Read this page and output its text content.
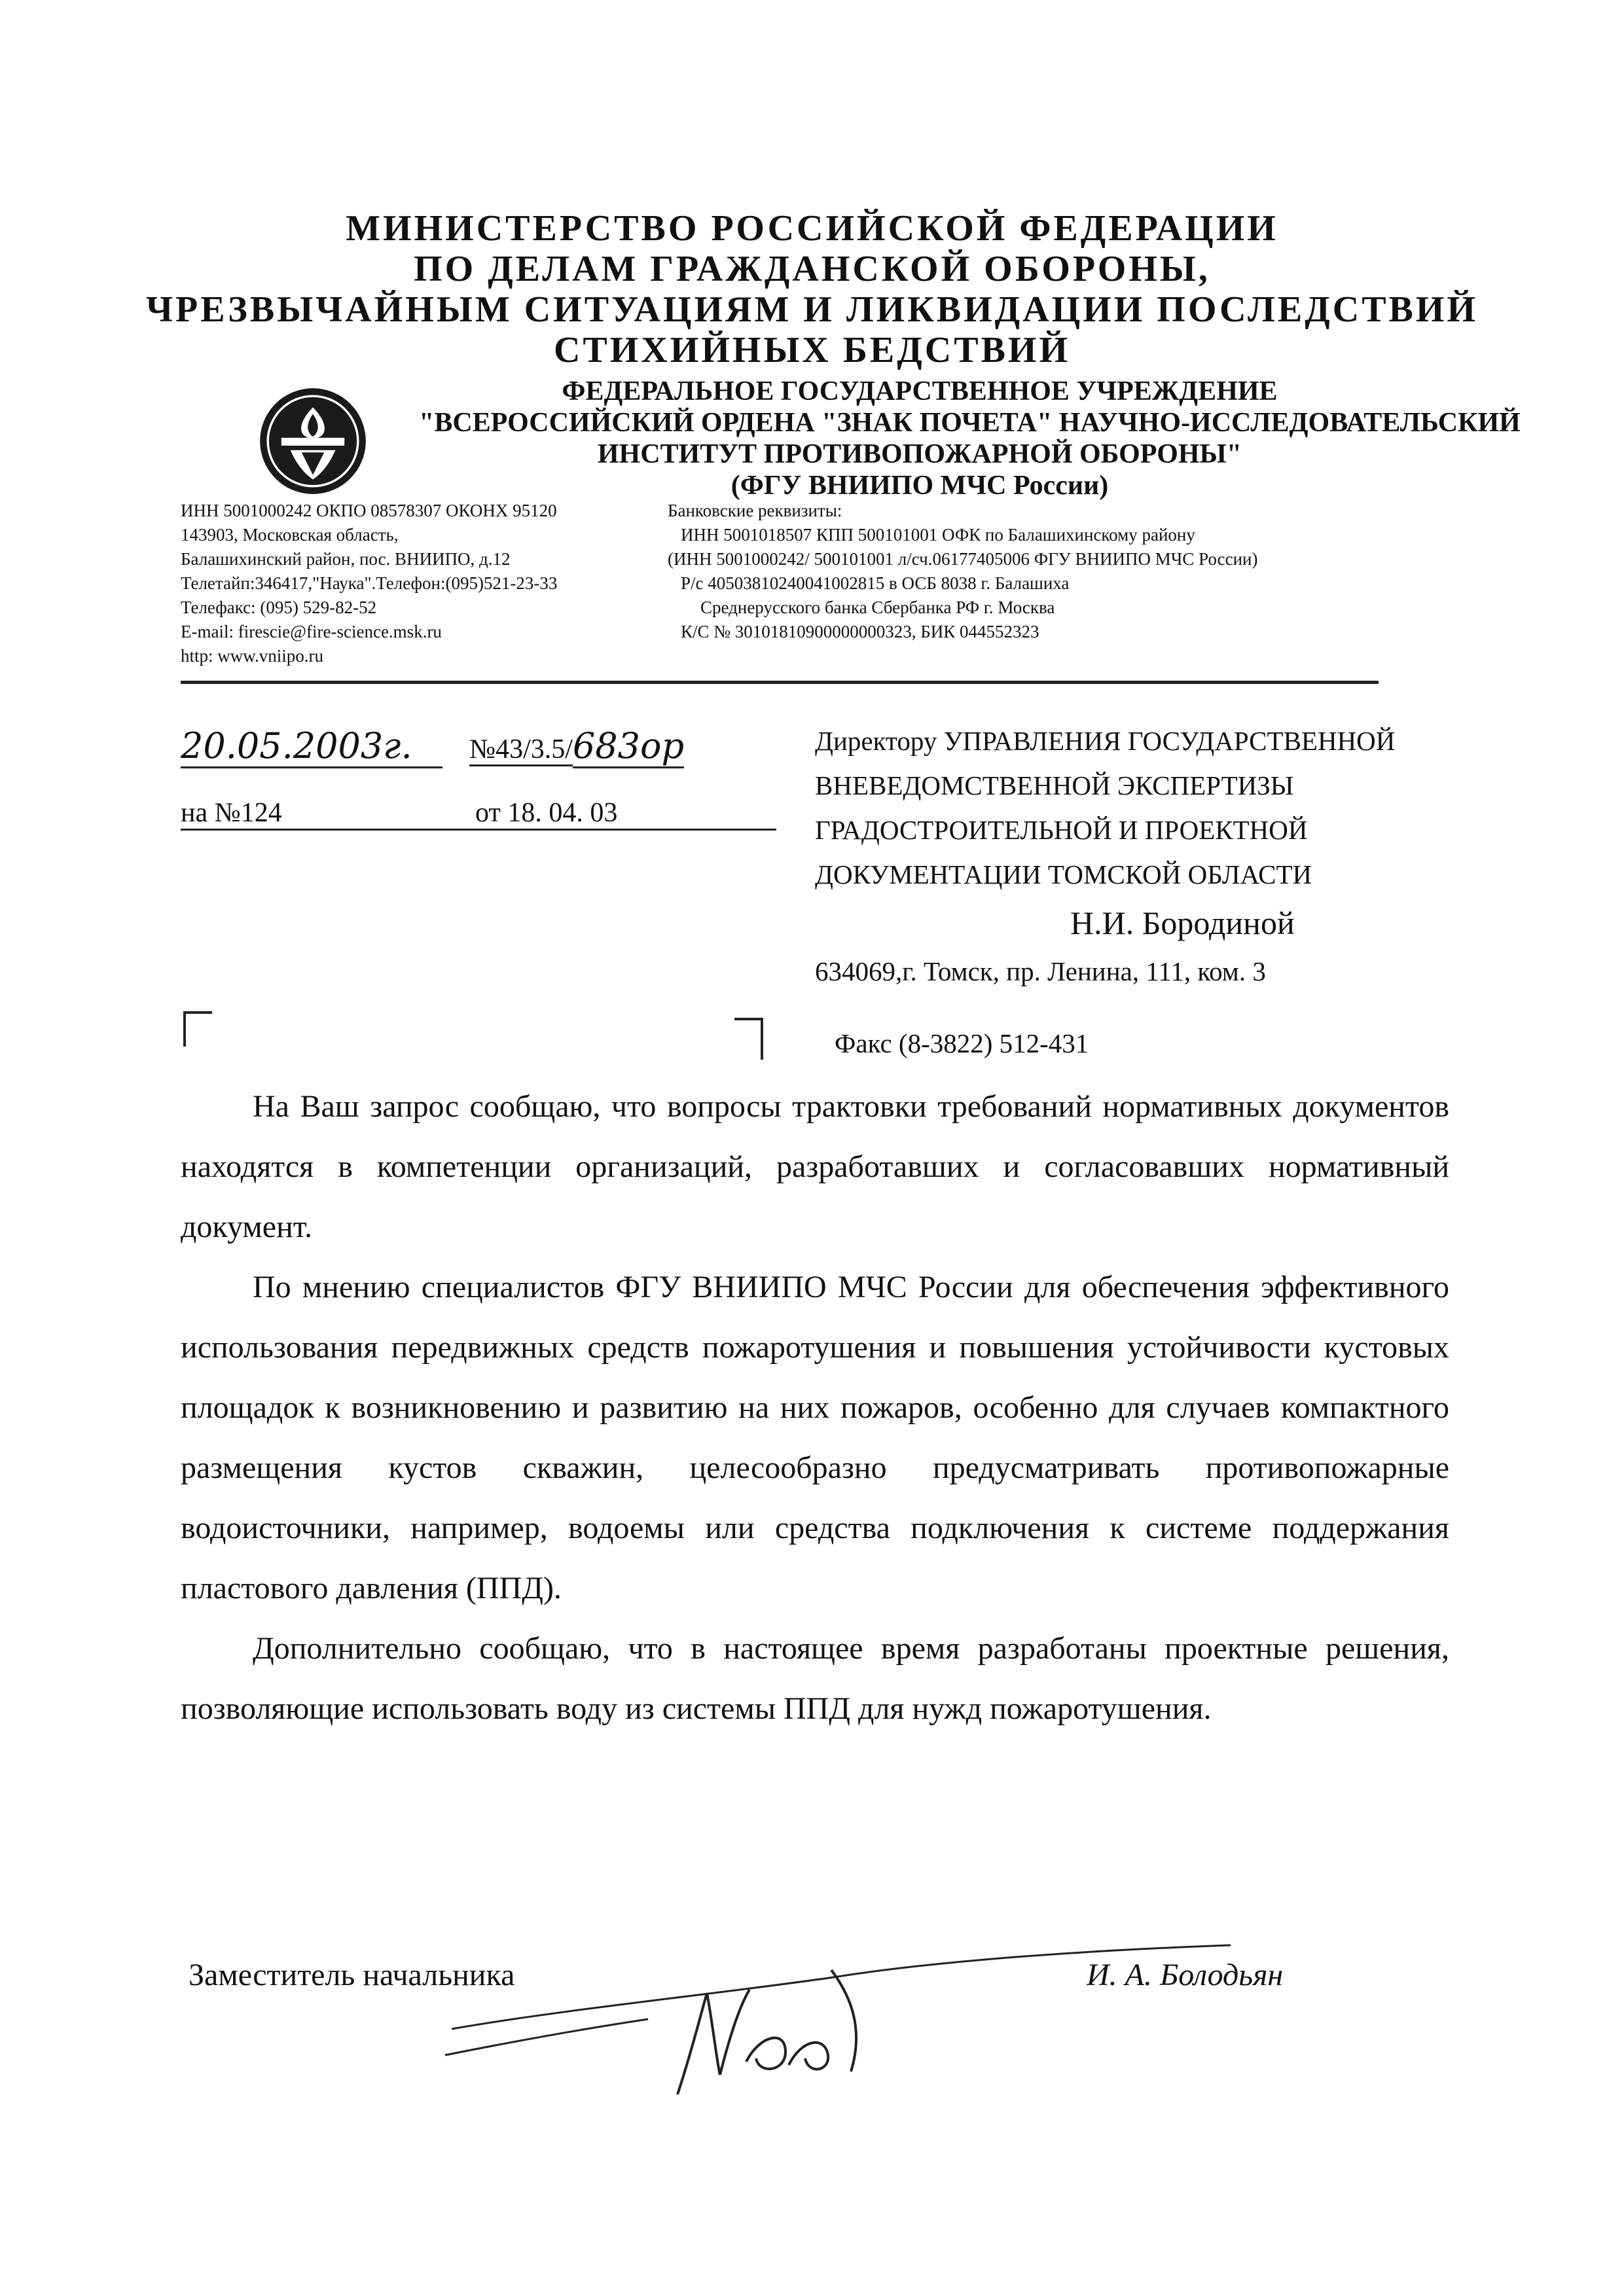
МИНИСТЕРСТВО РОССИЙСКОЙ ФЕДЕРАЦИИ
ПО ДЕЛАМ ГРАЖДАНСКОЙ ОБОРОНЫ,
ЧРЕЗВЫЧАЙНЫМ СИТУАЦИЯМ И ЛИКВИДАЦИИ ПОСЛЕДСТВИЙ
СТИХИЙНЫХ БЕДСТВИЙ
ФЕДЕРАЛЬНОЕ ГОСУДАРСТВЕННОЕ УЧРЕЖДЕНИЕ
"ВСЕРОССИЙСКИЙ ОРДЕНА "ЗНАК ПОЧЕТА" НАУЧНО-ИССЛЕДОВАТЕЛЬСКИЙ
ИНСТИТУТ ПРОТИВОПОЖАРНОЙ ОБОРОНЫ"
(ФГУ ВНИИПО МЧС России)
ИНН 5001000242 ОКПО 08578307 ОКОНХ 95120
143903, Московская область,
Балашихинский район, пос. ВНИИПО, д.12
Телетайп:346417,"Наука".Телефон:(095)521-23-33
Телефакс: (095) 529-82-52
E-mail: firescie@fire-science.msk.ru
http: www.vniipo.ru
Банковские реквизиты:
ИНН 5001018507 КПП 500101001 ОФК по Балашихинскому району
(ИНН 5001000242/ 500101001 л/сч.06177405006 ФГУ ВНИИПО МЧС России)
Р/с 40503810240041002815 в ОСБ 8038 г. Балашиха
Среднерусского банка Сбербанка РФ г. Москва
К/С № 30101810900000000323, БИК 044552323
20.05.2003г. №43/3.5/683ор
на №124	от 18. 04. 03
Директору УПРАВЛЕНИЯ ГОСУДАРСТВЕННОЙ
ВНЕВЕДОМСТВЕННОЙ ЭКСПЕРТИЗЫ
ГРАДОСТРОИТЕЛЬНОЙ И ПРОЕКТНОЙ
ДОКУМЕНТАЦИИ ТОМСКОЙ ОБЛАСТИ
Н.И. Бородиной
634069,г. Томск, пр. Ленина, 111, ком. 3
Факс (8-3822) 512-431

На Ваш запрос сообщаю, что вопросы трактовки требований нормативных документов находятся в компетенции организаций, разработавших и согласовавших нормативный документ.

По мнению специалистов ФГУ ВНИИПО МЧС России для обеспечения эффективного использования передвижных средств пожаротушения и повышения устойчивости кустовых площадок к возникновению и развитию на них пожаров, особенно для случаев компактного размещения кустов скважин, целесообразно предусматривать противопожарные водоисточники, например, водоемы или средства подключения к системе поддержания пластового давления (ППД).

Дополнительно сообщаю, что в настоящее время разработаны проектные решения, позволяющие использовать воду из системы ППД для нужд пожаротушения.

Заместитель начальника	И. А. Болодьян
